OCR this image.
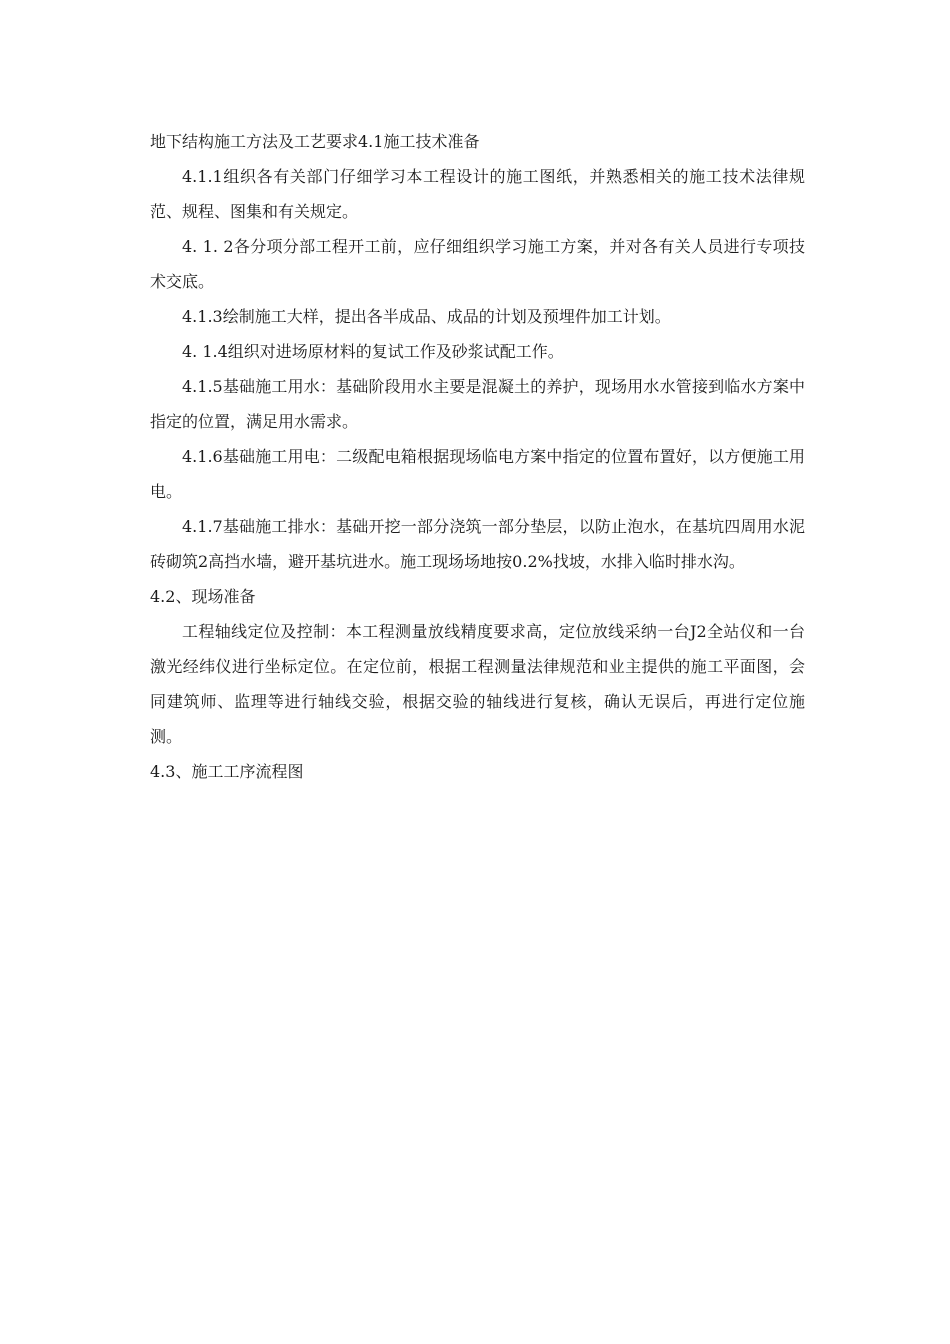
地下结构施工方法及工艺要求4.1施工技术准备

4.1.1组织各有关部门仔细学习本工程设计的施工图纸，并熟悉相关的施工技术法律规范、规程、图集和有关规定。

4. 1. 2各分项分部工程开工前，应仔细组织学习施工方案，并对各有关人员进行专项技术交底。

4.1.3绘制施工大样，提出各半成品、成品的计划及预埋件加工计划。

4. 1.4组织对进场原材料的复试工作及砂浆试配工作。

4.1.5基础施工用水：基础阶段用水主要是混凝土的养护，现场用水水管接到临水方案中指定的位置，满足用水需求。

4.1.6基础施工用电：二级配电箱根据现场临电方案中指定的位置布置好，以方便施工用电。

4.1.7基础施工排水：基础开挖一部分浇筑一部分垫层，以防止泡水，在基坑四周用水泥砖砌筑2高挡水墙，避开基坑进水。施工现场场地按0.2%找坡，水排入临时排水沟。

4.2、现场准备

工程轴线定位及控制：本工程测量放线精度要求高，定位放线采纳一台J2全站仪和一台激光经纬仪进行坐标定位。在定位前，根据工程测量法律规范和业主提供的施工平面图，会同建筑师、监理等进行轴线交验，根据交验的轴线进行复核，确认无误后，再进行定位施测。

4.3、施工工序流程图
